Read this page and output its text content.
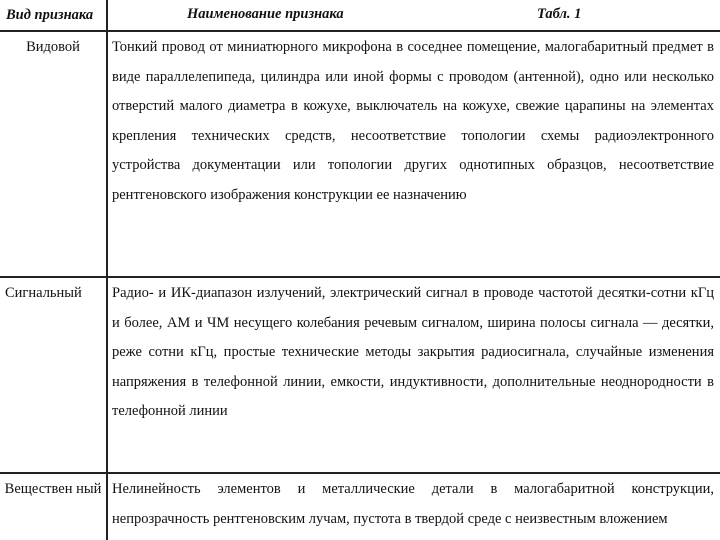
Вид признака	Наименование признака Табл. 1

Видовой	Тонкий провод от миниатюрного микрофона в соседнее помещение, малогабаритный предмет в виде параллелепипеда, цилиндра или иной формы с проводом (антенной), одно или несколько отверстий малого диаметра в кожухе, выключатель на кожухе, свежие царапины на элементах крепления технических средств, несоответствие топологии схемы радиоэлектронного устройства документации или топологии других однотипных образцов, несоответствие рентгеновского изображения конструкции ее назначению
Сигнальный	Радио- и ИК-диапазон излучений, электрический сигнал в проводе частотой десятки-сотни кГц и более, АМ и ЧМ несущего колебания речевым сигналом, ширина полосы сигнала — десятки, реже сотни кГц, простые технические методы закрытия радиосигнала, случайные изменения напряжения в телефонной линии, емкости, индуктивности, дополнительные неоднородности в телефонной линии
Веществен ный	Нелинейность элементов и металлические детали в малогабаритной конструкции, непрозрачность рентгеновским лучам, пустота в твердой среде с неизвестным вложением
